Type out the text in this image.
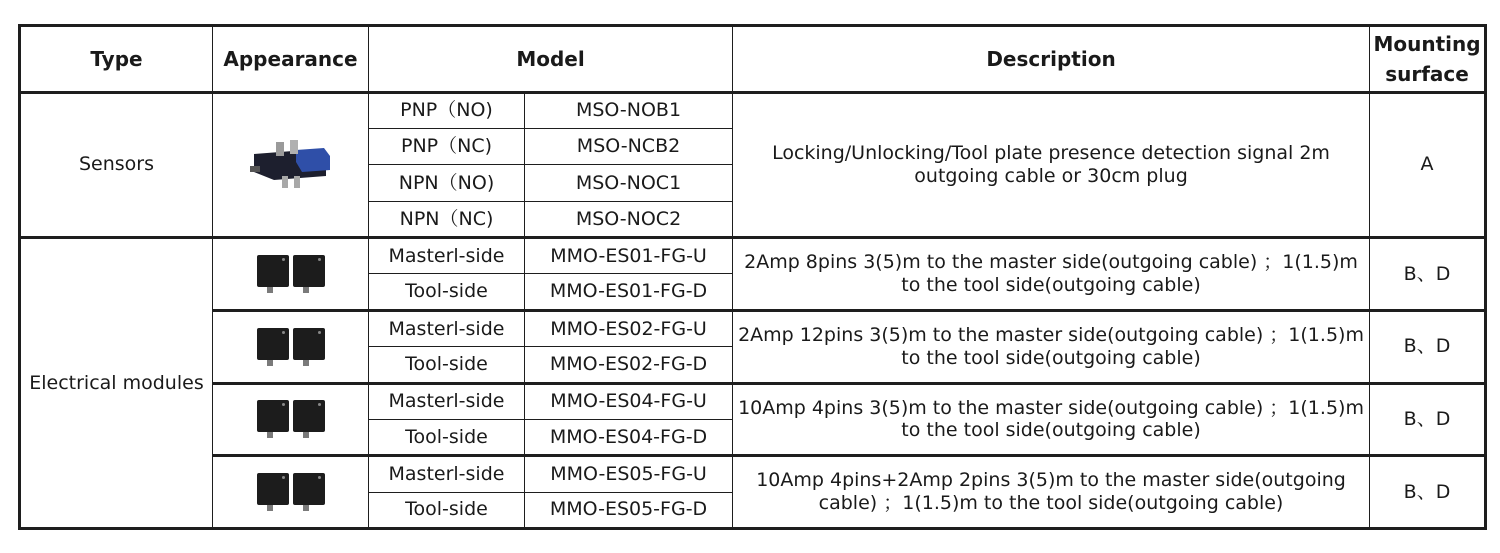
Type	Appearance	Model		Description	Mounting surface
Sensors		PNP（NO)	MSO-NOB1	Locking/Unlocking/Tool plate presence detection signal 2m outgoing cable or 30cm plug	A
		PNP（NC)	MSO-NCB2		
		NPN（NO)	MSO-NOC1		
		NPN（NC)	MSO-NOC2		
Electrical modules		Masterl-side	MMO-ES01-FG-U	2Amp 8pins 3(5)m to the master side(outgoing cable) ；1(1.5)m to the tool side(outgoing cable)	B、D
		Tool-side	MMO-ES01-FG-D		

		Masterl-side	MMO-ES02-FG-U	2Amp 12pins 3(5)m to the master side(outgoing cable) ；1(1.5)m to the tool side(outgoing cable)	B、D
		Tool-side	MMO-ES02-FG-D		

		Masterl-side	MMO-ES04-FG-U	10Amp 4pins 3(5)m to the master side(outgoing cable) ；1(1.5)m to the tool side(outgoing cable)	B、D
		Tool-side	MMO-ES04-FG-D		

		Masterl-side	MMO-ES05-FG-U	10Amp 4pins+2Amp 2pins 3(5)m to the master side(outgoing cable) ；1(1.5)m to the tool side(outgoing cable)	B、D
		Tool-side	MMO-ES05-FG-D		
